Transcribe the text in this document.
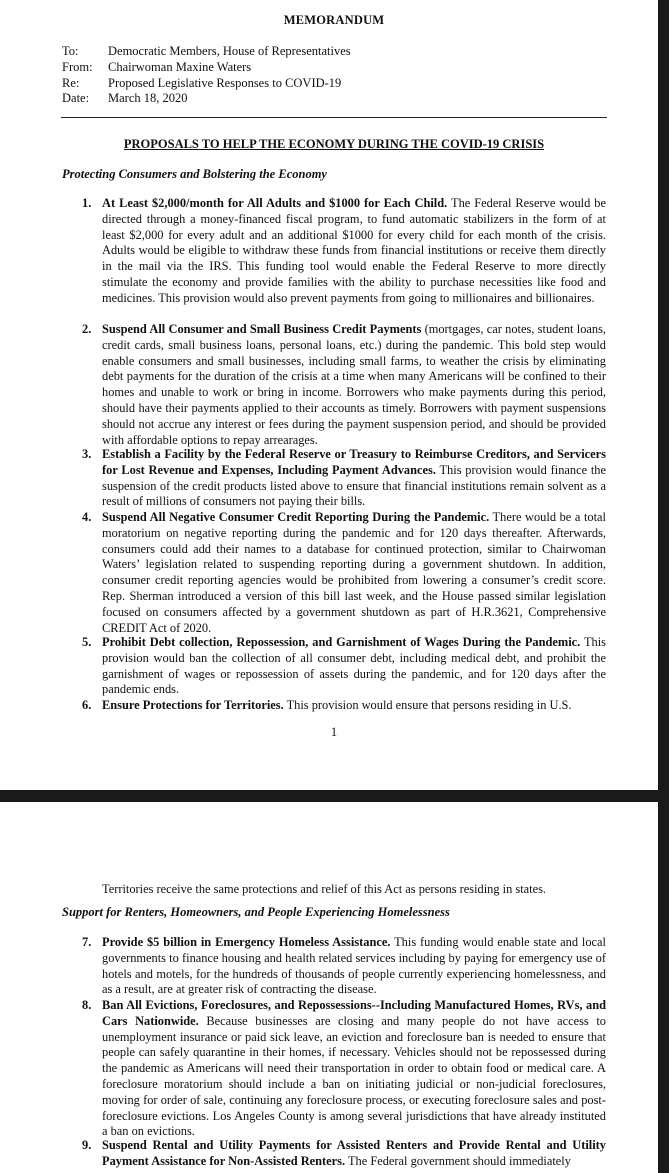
MEMORANDUM
To: Democratic Members, House of Representatives
From: Chairwoman Maxine Waters
Re: Proposed Legislative Responses to COVID-19
Date: March 18, 2020
PROPOSALS TO HELP THE ECONOMY DURING THE COVID-19 CRISIS
Protecting Consumers and Bolstering the Economy
1. At Least $2,000/month for All Adults and $1000 for Each Child. The Federal Reserve would be directed through a money-financed fiscal program, to fund automatic stabilizers in the form of at least $2,000 for every adult and an additional $1000 for every child for each month of the crisis. Adults would be eligible to withdraw these funds from financial institutions or receive them directly in the mail via the IRS. This funding tool would enable the Federal Reserve to more directly stimulate the economy and provide families with the ability to purchase necessities like food and medicines. This provision would also prevent payments from going to millionaires and billionaires.
2. Suspend All Consumer and Small Business Credit Payments (mortgages, car notes, student loans, credit cards, small business loans, personal loans, etc.) during the pandemic. This bold step would enable consumers and small businesses, including small farms, to weather the crisis by eliminating debt payments for the duration of the crisis at a time when many Americans will be confined to their homes and unable to work or bring in income. Borrowers who make payments during this period, should have their payments applied to their accounts as timely. Borrowers with payment suspensions should not accrue any interest or fees during the payment suspension period, and should be provided with affordable options to repay arrearages.
3. Establish a Facility by the Federal Reserve or Treasury to Reimburse Creditors, and Servicers for Lost Revenue and Expenses, Including Payment Advances. This provision would finance the suspension of the credit products listed above to ensure that financial institutions remain solvent as a result of millions of consumers not paying their bills.
4. Suspend All Negative Consumer Credit Reporting During the Pandemic. There would be a total moratorium on negative reporting during the pandemic and for 120 days thereafter. Afterwards, consumers could add their names to a database for continued protection, similar to Chairwoman Waters’ legislation related to suspending reporting during a government shutdown. In addition, consumer credit reporting agencies would be prohibited from lowering a consumer’s credit score. Rep. Sherman introduced a version of this bill last week, and the House passed similar legislation focused on consumers affected by a government shutdown as part of H.R.3621, Comprehensive CREDIT Act of 2020.
5. Prohibit Debt collection, Repossession, and Garnishment of Wages During the Pandemic. This provision would ban the collection of all consumer debt, including medical debt, and prohibit the garnishment of wages or repossession of assets during the pandemic, and for 120 days after the pandemic ends.
6. Ensure Protections for Territories. This provision would ensure that persons residing in U.S.
1
Territories receive the same protections and relief of this Act as persons residing in states.
Support for Renters, Homeowners, and People Experiencing Homelessness
7. Provide $5 billion in Emergency Homeless Assistance. This funding would enable state and local governments to finance housing and health related services including by paying for emergency use of hotels and motels, for the hundreds of thousands of people currently experiencing homelessness, and as a result, are at greater risk of contracting the disease.
8. Ban All Evictions, Foreclosures, and Repossessions--Including Manufactured Homes, RVs, and Cars Nationwide. Because businesses are closing and many people do not have access to unemployment insurance or paid sick leave, an eviction and foreclosure ban is needed to ensure that people can safely quarantine in their homes, if necessary. Vehicles should not be repossessed during the pandemic as Americans will need their transportation in order to obtain food or medical care. A foreclosure moratorium should include a ban on initiating judicial or non-judicial foreclosures, moving for order of sale, continuing any foreclosure process, or executing foreclosure sales and post-foreclosure evictions. Los Angeles County is among several jurisdictions that have already instituted a ban on evictions.
9. Suspend Rental and Utility Payments for Assisted Renters and Provide Rental and Utility Payment Assistance for Non-Assisted Renters. The Federal government should immediately
